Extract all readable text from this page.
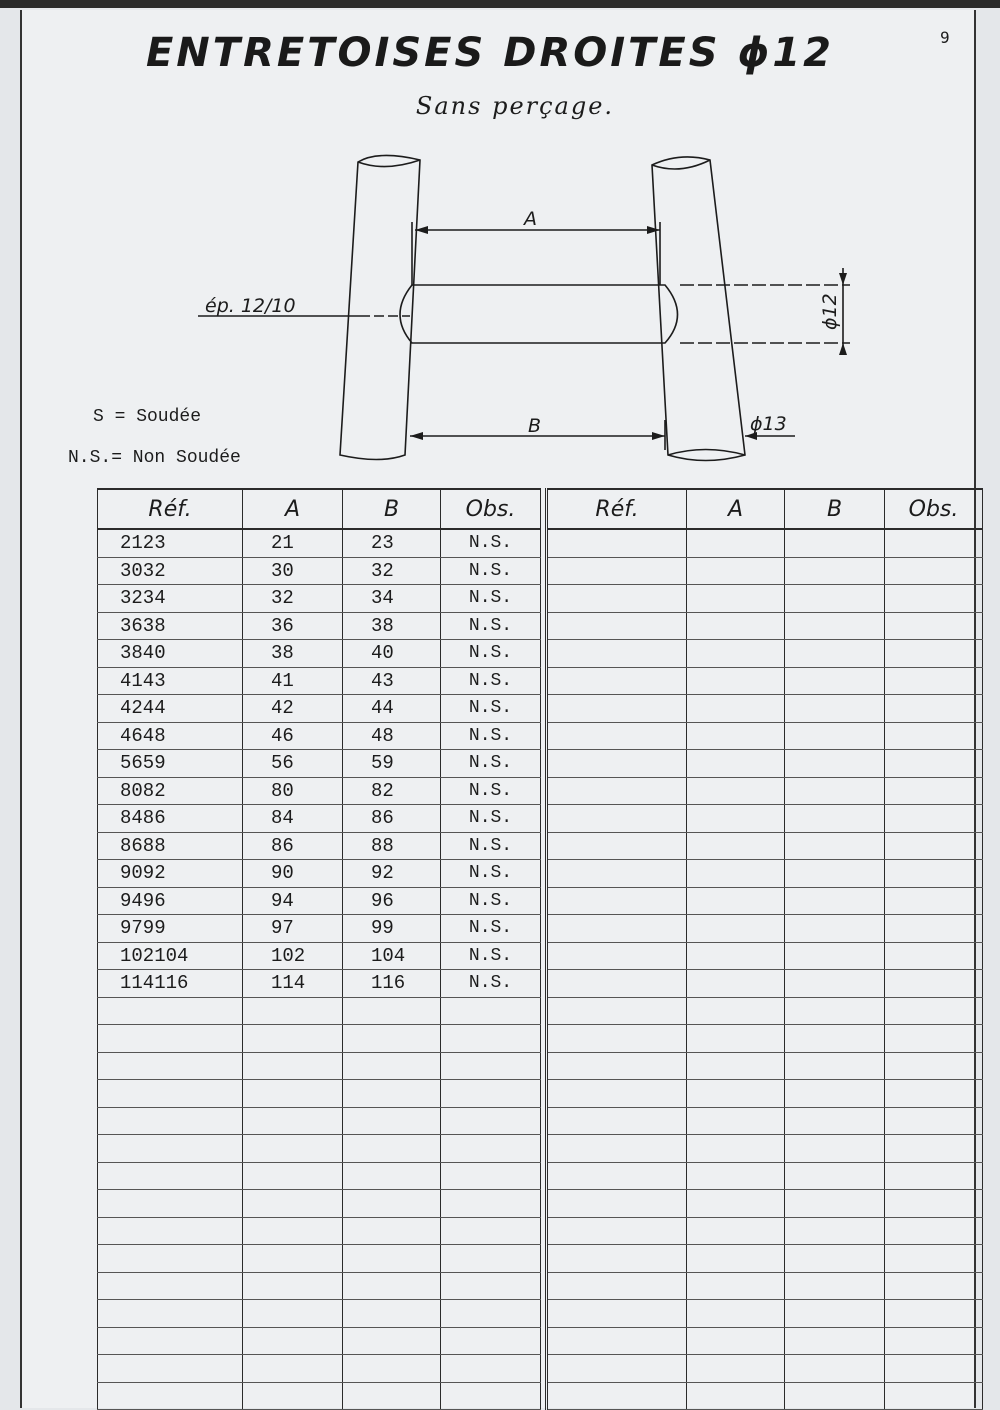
ENTRETOISES DROITES ϕ12
Sans perçage.
9
A
B
ép. 12/10
ϕ13
ϕ12
S = Soudée
N.S.= Non Soudée
Réf.	A	B	Obs.
2123	21	23	N.S.
3032	30	32	N.S.
3234	32	34	N.S.
3638	36	38	N.S.
3840	38	40	N.S.
4143	41	43	N.S.
4244	42	44	N.S.
4648	46	48	N.S.
5659	56	59	N.S.
8082	80	82	N.S.
8486	84	86	N.S.
8688	86	88	N.S.
9092	90	92	N.S.
9496	94	96	N.S.
9799	97	99	N.S.
102104	102	104	N.S.
114116	114	116	N.S.

Réf.	A	B	Obs.
